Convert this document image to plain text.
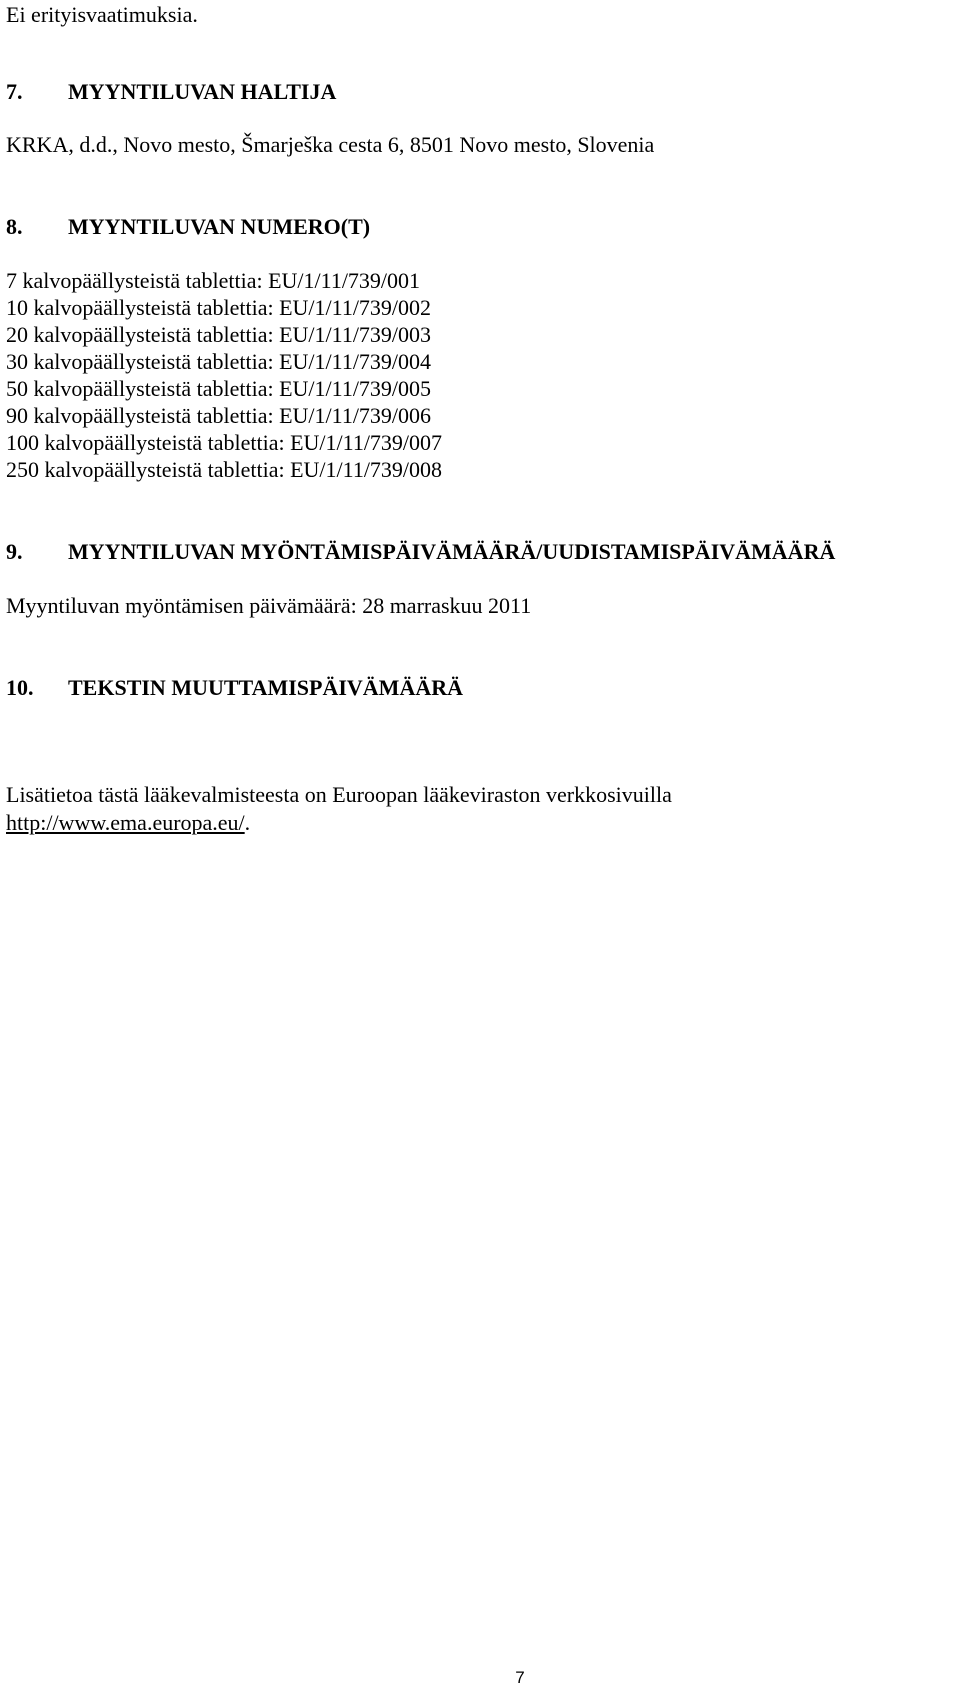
Ei erityisvaatimuksia.
7. MYYNTILUVAN HALTIJA
KRKA, d.d., Novo mesto, Šmarješka cesta 6, 8501 Novo mesto, Slovenia
8. MYYNTILUVAN NUMERO(T)
7 kalvopäällysteistä tablettia: EU/1/11/739/001
10 kalvopäällysteistä tablettia: EU/1/11/739/002
20 kalvopäällysteistä tablettia: EU/1/11/739/003
30 kalvopäällysteistä tablettia: EU/1/11/739/004
50 kalvopäällysteistä tablettia: EU/1/11/739/005
90 kalvopäällysteistä tablettia: EU/1/11/739/006
100 kalvopäällysteistä tablettia: EU/1/11/739/007
250 kalvopäällysteistä tablettia: EU/1/11/739/008
9. MYYNTILUVAN MYÖNTÄMISPÄIVÄMÄÄRÄ/UUDISTAMISPÄIVÄMÄÄRÄ
Myyntiluvan myöntämisen päivämäärä: 28 marraskuu 2011
10. TEKSTIN MUUTTAMISPÄIVÄMÄÄRÄ
Lisätietoa tästä lääkevalmisteesta on Euroopan lääkeviraston verkkosivuilla
http://www.ema.europa.eu/.
7
